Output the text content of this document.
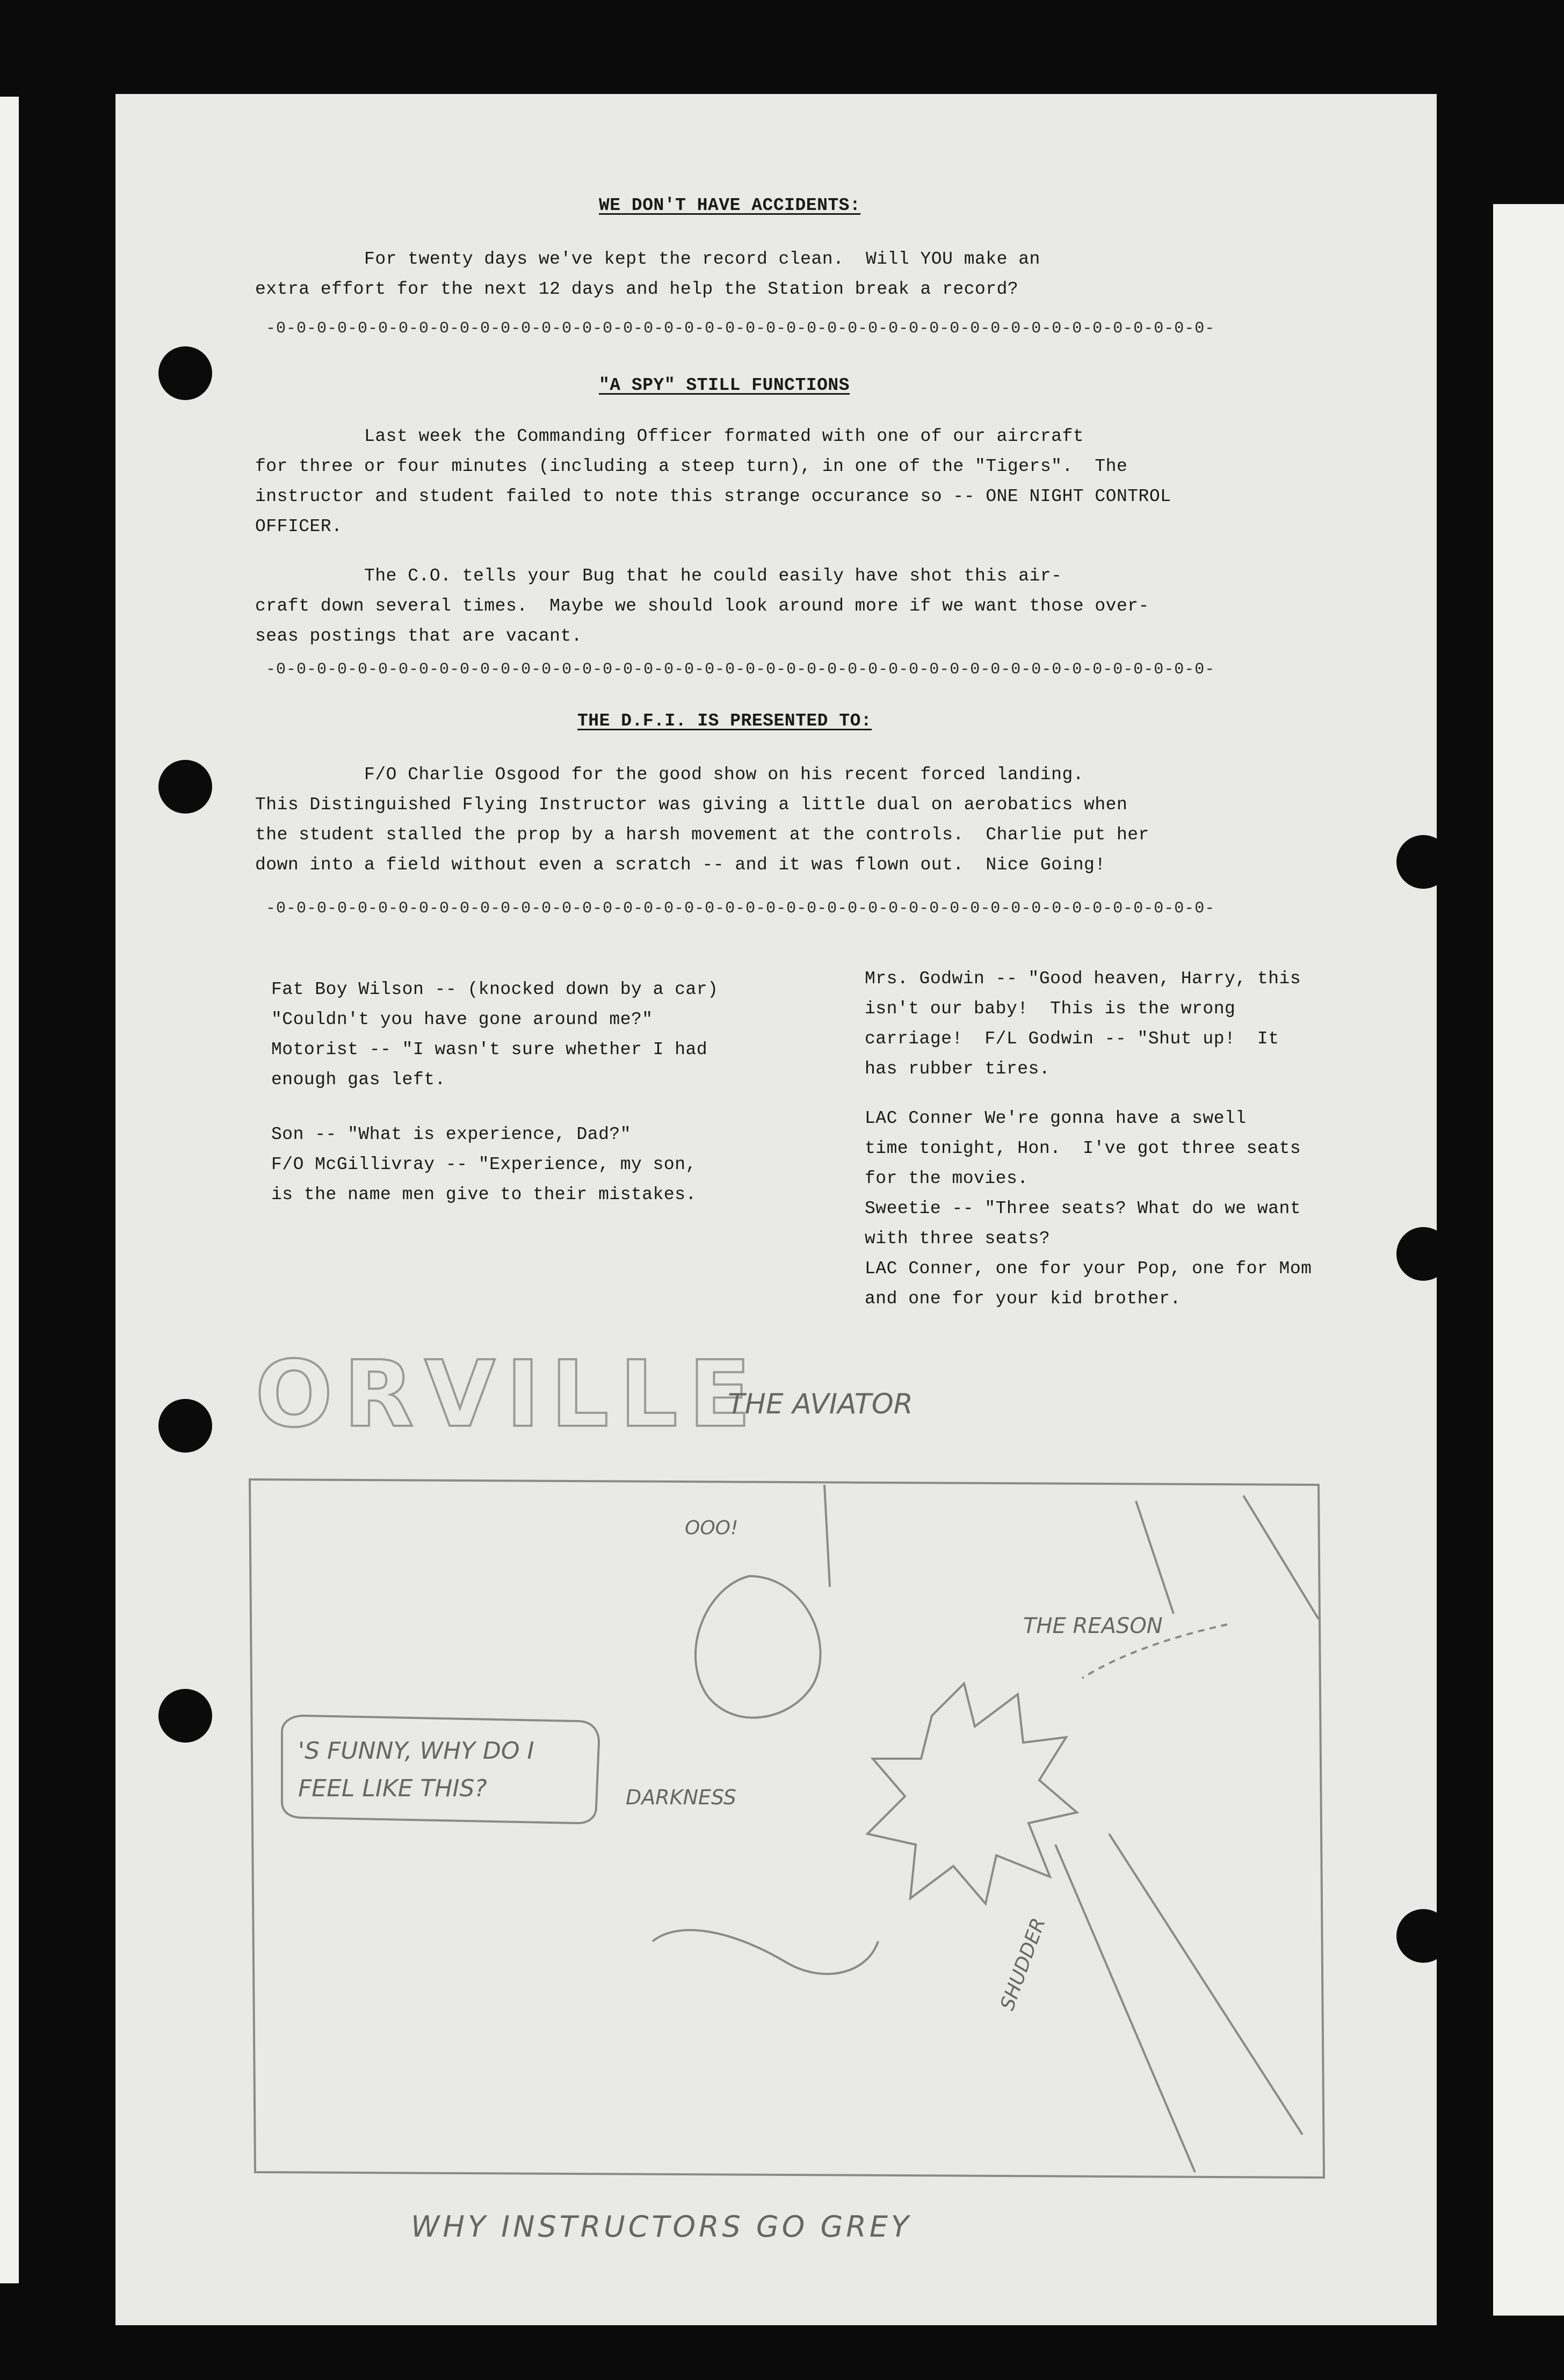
WE DON'T HAVE ACCIDENTS:
For twenty days we've kept the record clean.  Will YOU make an
extra effort for the next 12 days and help the Station break a record?
-0-0-0-0-0-0-0-0-0-0-0-0-0-0-0-0-0-0-0-0-0-0-0-0-0-0-0-0-0-0-0-0-0-0-0-0-0-0-0-0-0-0-0-0-0-0-
"A SPY" STILL FUNCTIONS
Last week the Commanding Officer formated with one of our aircraft
for three or four minutes (including a steep turn), in one of the "Tigers".  The
instructor and student failed to note this strange occurance so -- ONE NIGHT CONTROL
OFFICER.
The C.O. tells your Bug that he could easily have shot this air-
craft down several times.  Maybe we should look around more if we want those over-
seas postings that are vacant.
-0-0-0-0-0-0-0-0-0-0-0-0-0-0-0-0-0-0-0-0-0-0-0-0-0-0-0-0-0-0-0-0-0-0-0-0-0-0-0-0-0-0-0-0-0-0-
THE D.F.I. IS PRESENTED TO:
F/O Charlie Osgood for the good show on his recent forced landing.
This Distinguished Flying Instructor was giving a little dual on aerobatics when
the student stalled the prop by a harsh movement at the controls.  Charlie put her
down into a field without even a scratch -- and it was flown out.  Nice Going!
-0-0-0-0-0-0-0-0-0-0-0-0-0-0-0-0-0-0-0-0-0-0-0-0-0-0-0-0-0-0-0-0-0-0-0-0-0-0-0-0-0-0-0-0-0-0-
Fat Boy Wilson -- (knocked down by a car)
"Couldn't you have gone around me?"
Motorist -- "I wasn't sure whether I had
enough gas left.
Son -- "What is experience, Dad?"
F/O McGillivray -- "Experience, my son,
is the name men give to their mistakes.
Mrs. Godwin -- "Good heaven, Harry, this
isn't our baby!  This is the wrong
carriage!  F/L Godwin -- "Shut up!  It
has rubber tires.
LAC Conner We're gonna have a swell
time tonight, Hon.  I've got three seats
for the movies.
Sweetie -- "Three seats? What do we want
with three seats?
LAC Conner, one for your Pop, one for Mom
and one for your kid brother.
ORVILLE
THE AVIATOR
OOO!
'S FUNNY, WHY DO I
FEEL LIKE THIS?
THE REASON
DARKNESS
SHUDDER
WHY INSTRUCTORS GO GREY
